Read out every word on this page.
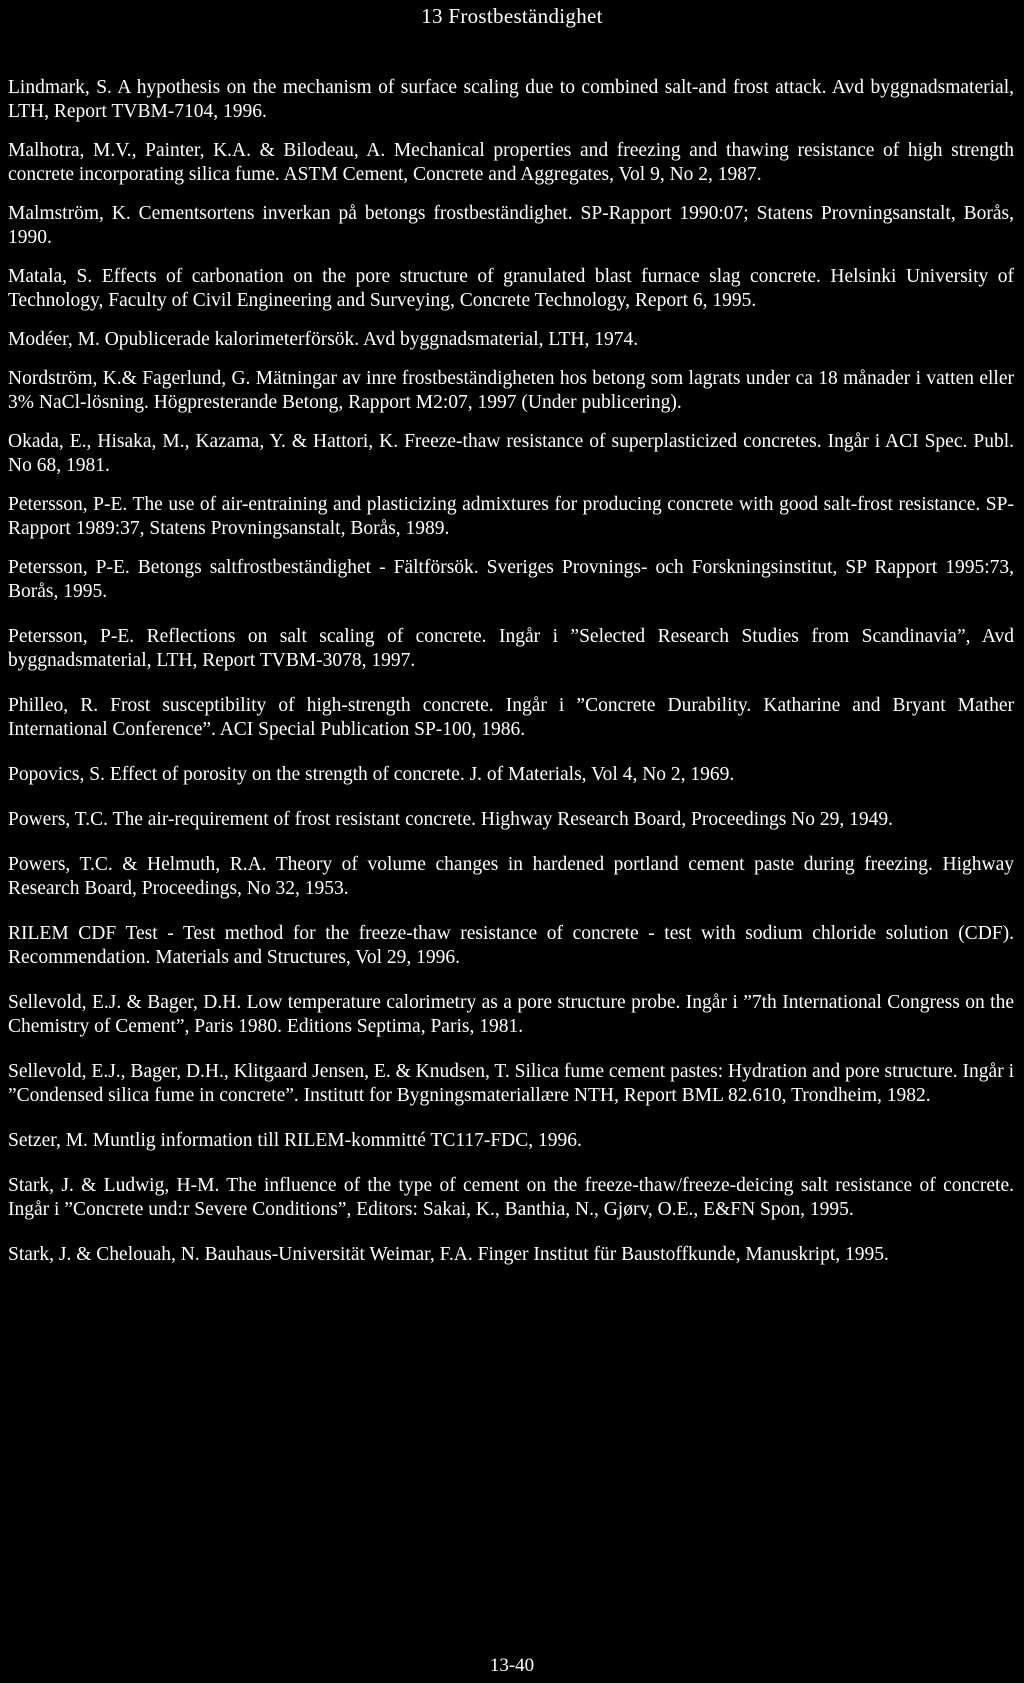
13 Frostbeständighet
Lindmark, S. A hypothesis on the mechanism of surface scaling due to combined salt-and frost attack. Avd byggnadsmaterial, LTH, Report TVBM-7104, 1996.
Malhotra, M.V., Painter, K.A. & Bilodeau, A. Mechanical properties and freezing and thawing resistance of high strength concrete incorporating silica fume. ASTM Cement, Concrete and Aggregates, Vol 9, No 2, 1987.
Malmström, K. Cementsortens inverkan på betongs frostbeständighet. SP-Rapport 1990:07; Statens Provningsanstalt, Borås, 1990.
Matala, S. Effects of carbonation on the pore structure of granulated blast furnace slag concrete. Helsinki University of Technology, Faculty of Civil Engineering and Surveying, Concrete Technology, Report 6, 1995.
Modéer, M. Opublicerade kalorimeterförsök. Avd byggnadsmaterial, LTH, 1974.
Nordström, K.& Fagerlund, G. Mätningar av inre frostbeständigheten hos betong som lagrats under ca 18 månader i vatten eller 3% NaCl-lösning. Högpresterande Betong, Rapport M2:07, 1997 (Under publicering).
Okada, E., Hisaka, M., Kazama, Y. & Hattori, K. Freeze-thaw resistance of superplasticized concretes. Ingår i ACI Spec. Publ. No 68, 1981.
Petersson, P-E. The use of air-entraining and plasticizing admixtures for producing concrete with good salt-frost resistance. SP-Rapport 1989:37, Statens Provningsanstalt, Borås, 1989.
Petersson, P-E. Betongs saltfrostbeständighet - Fältförsök. Sveriges Provnings- och Forskningsinstitut, SP Rapport 1995:73, Borås, 1995.
Petersson, P-E. Reflections on salt scaling of concrete. Ingår i ”Selected Research Studies from Scandinavia”, Avd byggnadsmaterial, LTH, Report TVBM-3078, 1997.
Philleo, R. Frost susceptibility of high-strength concrete. Ingår i ”Concrete Durability. Katharine and Bryant Mather International Conference”. ACI Special Publication SP-100, 1986.
Popovics, S. Effect of porosity on the strength of concrete. J. of Materials, Vol 4, No 2, 1969.
Powers, T.C. The air-requirement of frost resistant concrete. Highway Research Board, Proceedings No 29, 1949.
Powers, T.C. & Helmuth, R.A. Theory of volume changes in hardened portland cement paste during freezing. Highway Research Board, Proceedings, No 32, 1953.
RILEM CDF Test - Test method for the freeze-thaw resistance of concrete - test with sodium chloride solution (CDF). Recommendation. Materials and Structures, Vol 29, 1996.
Sellevold, E.J. & Bager, D.H. Low temperature calorimetry as a pore structure probe. Ingår i ”7th International Congress on the Chemistry of Cement”, Paris 1980. Editions Septima, Paris, 1981.
Sellevold, E.J., Bager, D.H., Klitgaard Jensen, E. & Knudsen, T. Silica fume cement pastes: Hydration and pore structure. Ingår i ”Condensed silica fume in concrete”. Institutt for Bygningsmateriallære NTH, Report BML 82.610, Trondheim, 1982.
Setzer, M. Muntlig information till RILEM-kommitté TC117-FDC, 1996.
Stark, J. & Ludwig, H-M. The influence of the type of cement on the freeze-thaw/freeze-deicing salt resistance of concrete. Ingår i ”Concrete und:r Severe Conditions”, Editors: Sakai, K., Banthia, N., Gjørv, O.E., E&FN Spon, 1995.
Stark, J. & Chelouah, N. Bauhaus-Universität Weimar, F.A. Finger Institut für Baustoffkunde, Manuskript, 1995.
13-40
